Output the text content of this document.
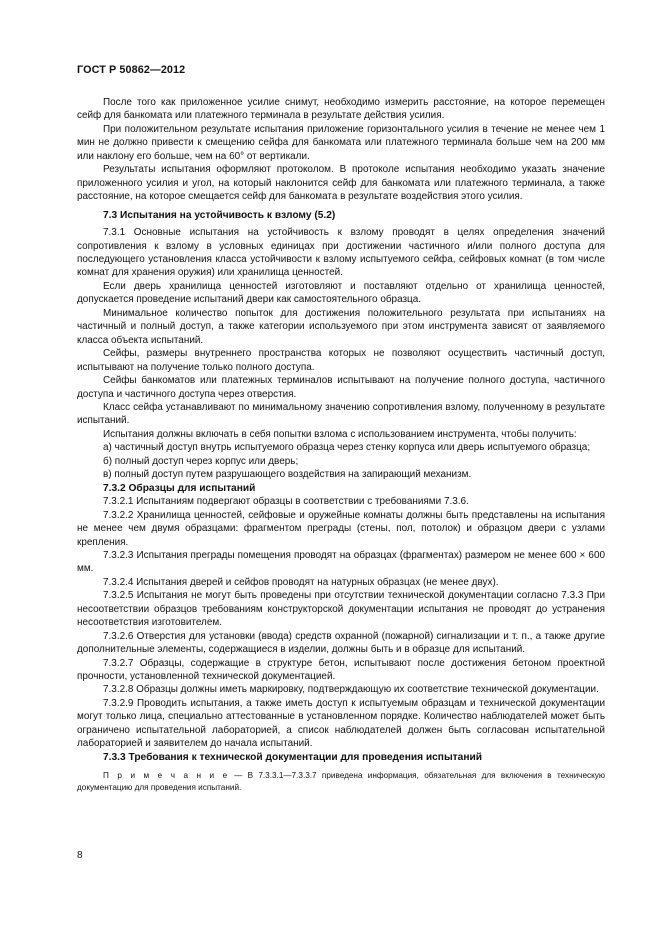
ГОСТ Р 50862—2012

После того как приложенное усилие снимут, необходимо измерить расстояние, на которое перемещен сейф для банкомата или платежного терминала в результате действия усилия.

При положительном результате испытания приложение горизонтального усилия в течение не менее чем 1 мин не должно привести к смещению сейфа для банкомата или платежного терминала больше чем на 200 мм или наклону его больше, чем на 60° от вертикали.

Результаты испытания оформляют протоколом. В протоколе испытания необходимо указать значение приложенного усилия и угол, на который наклонится сейф для банкомата или платежного терминала, а также расстояние, на которое смещается сейф для банкомата в результате воздействия этого усилия.

7.3 Испытания на устойчивость к взлому (5.2)

7.3.1 Основные испытания на устойчивость к взлому проводят в целях определения значений сопротивления к взлому в условных единицах при достижении частичного и/или полного доступа для последующего установления класса устойчивости к взлому испытуемого сейфа, сейфовых комнат (в том числе комнат для хранения оружия) или хранилища ценностей.

Если дверь хранилища ценностей изготовляют и поставляют отдельно от хранилища ценностей, допускается проведение испытаний двери как самостоятельного образца.

Минимальное количество попыток для достижения положительного результата при испытаниях на частичный и полный доступ, а также категории используемого при этом инструмента зависят от заявляемого класса объекта испытаний.

Сейфы, размеры внутреннего пространства которых не позволяют осуществить частичный доступ, испытывают на получение только полного доступа.

Сейфы банкоматов или платежных терминалов испытывают на получение полного доступа, частичного доступа и частичного доступа через отверстия.

Класс сейфа устанавливают по минимальному значению сопротивления взлому, полученному в результате испытаний.

Испытания должны включать в себя попытки взлома с использованием инструмента, чтобы получить:

а) частичный доступ внутрь испытуемого образца через стенку корпуса или дверь испытуемого образца;

б) полный доступ через корпус или дверь;

в) полный доступ путем разрушающего воздействия на запирающий механизм.

7.3.2 Образцы для испытаний

7.3.2.1 Испытаниям подвергают образцы в соответствии с требованиями 7.3.6.

7.3.2.2 Хранилища ценностей, сейфовые и оружейные комнаты должны быть представлены на испытания не менее чем двумя образцами: фрагментом преграды (стены, пол, потолок) и образцом двери с узлами крепления.

7.3.2.3 Испытания преграды помещения проводят на образцах (фрагментах) размером не менее 600 × 600 мм.

7.3.2.4 Испытания дверей и сейфов проводят на натурных образцах (не менее двух).

7.3.2.5 Испытания не могут быть проведены при отсутствии технической документации согласно 7.3.3 При несоответствии образцов требованиям конструкторской документации испытания не проводят до устранения несоответствия изготовителем.

7.3.2.6 Отверстия для установки (ввода) средств охранной (пожарной) сигнализации и т. п., а также другие дополнительные элементы, содержащиеся в изделии, должны быть и в образце для испытаний.

7.3.2.7 Образцы, содержащие в структуре бетон, испытывают после достижения бетоном проектной прочности, установленной технической документацией.

7.3.2.8 Образцы должны иметь маркировку, подтверждающую их соответствие технической документации.

7.3.2.9 Проводить испытания, а также иметь доступ к испытуемым образцам и технической документации могут только лица, специально аттестованные в установленном порядке. Количество наблюдателей может быть ограничено испытательной лабораторией, а список наблюдателей должен быть согласован испытательной лабораторией и заявителем до начала испытаний.

7.3.3 Требования к технической документации для проведения испытаний

П р и м е ч а н и е — В 7.3.3.1—7.3.3.7 приведена информация, обязательная для включения в техническую документацию для проведения испытаний.

8
